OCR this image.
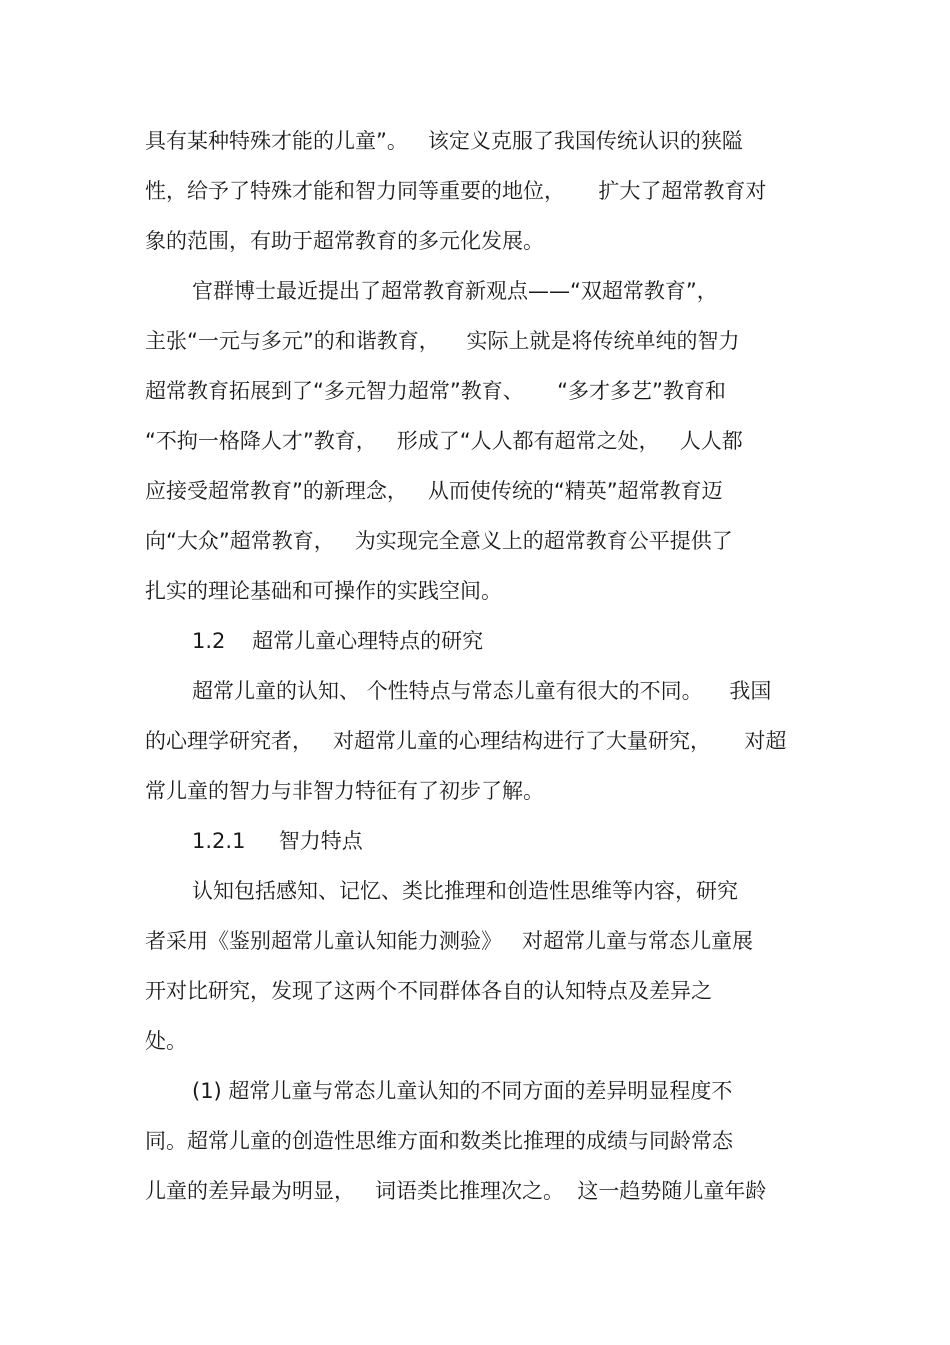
具有某种特殊才能的儿童”。   该定义克服了我国传统认识的狭隘
性，给予了特殊才能和智力同等重要的地位，     扩大了超常教育对
象的范围，有助于超常教育的多元化发展。
官群博士最近提出了超常教育新观点——“双超常教育”，
主张“一元与多元”的和谐教育，    实际上就是将传统单纯的智力
超常教育拓展到了“多元智力超常”教育、     “多才多艺”教育和
“不拘一格降人才”教育，   形成了“人人都有超常之处，   人人都
应接受超常教育”的新理念，   从而使传统的“精英”超常教育迈
向“大众”超常教育，   为实现完全意义上的超常教育公平提供了
扎实的理论基础和可操作的实践空间。
1.2    超常儿童心理特点的研究
超常儿童的认知、 个性特点与常态儿童有很大的不同。    我国
的心理学研究者，   对超常儿童的心理结构进行了大量研究，     对超
常儿童的智力与非智力特征有了初步了解。
1.2.1     智力特点
认知包括感知、记忆、类比推理和创造性思维等内容，研究
者采用《鉴别超常儿童认知能力测验》   对超常儿童与常态儿童展
开对比研究，发现了这两个不同群体各自的认知特点及差异之
处。
(1) 超常儿童与常态儿童认知的不同方面的差异明显程度不
同。超常儿童的创造性思维方面和数类比推理的成绩与同龄常态
儿童的差异最为明显，   词语类比推理次之。  这一趋势随儿童年龄
